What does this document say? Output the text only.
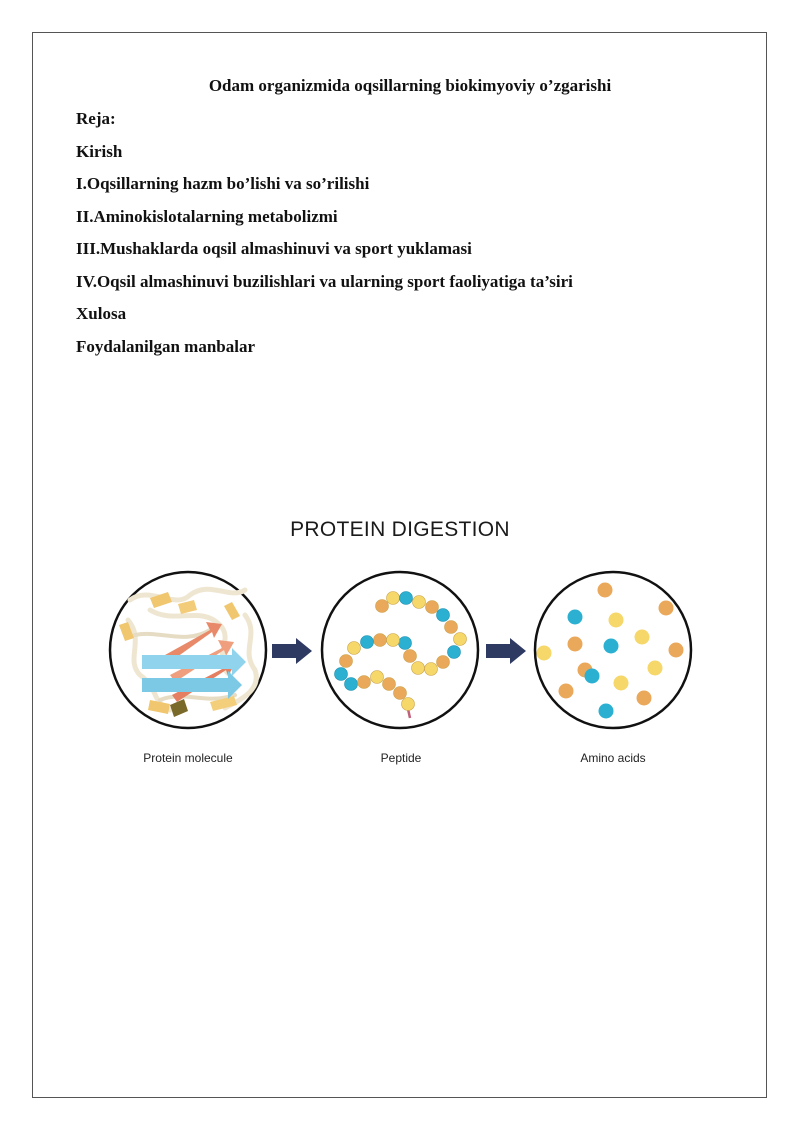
Odam organizmida oqsillarning biokimyoviy o’zgarishi
Reja:
Kirish
I.Oqsillarning hazm bo’lishi va so’rilishi
II.Aminokislotalarning metabolizmi
III.Mushaklarda oqsil almashinuvi va sport yuklamasi
IV.Oqsil almashinuvi buzilishlari va ularning sport faoliyatiga ta’siri
Xulosa
Foydalanilgan manbalar
PROTEIN DIGESTION
Protein molecule	Peptide	Amino acids
